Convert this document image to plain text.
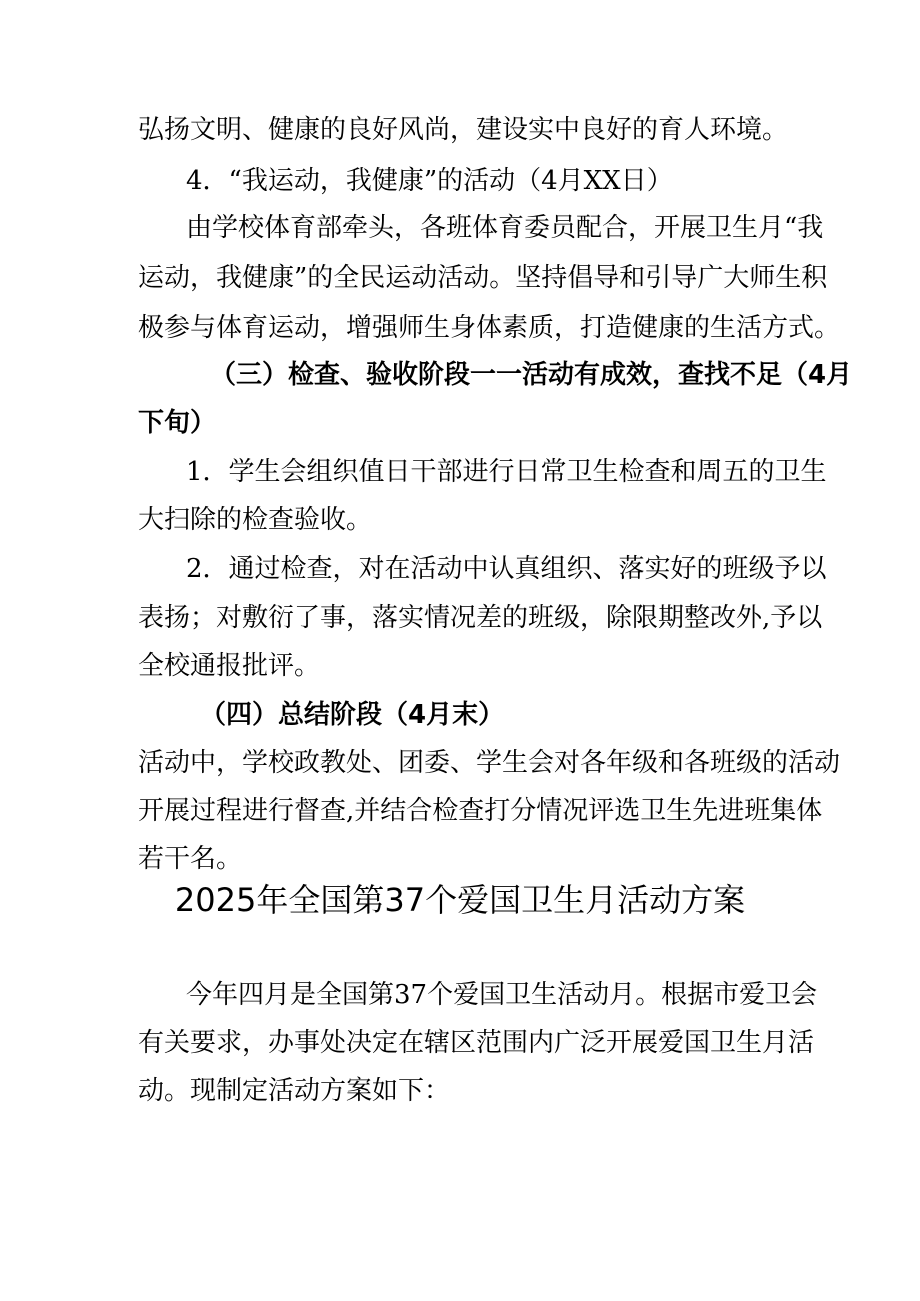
弘扬文明、健康的良好风尚，建设实中良好的育人环境。
4．“我运动，我健康”的活动（4月XX日）
由学校体育部牵头，各班体育委员配合，开展卫生月“我
运动，我健康”的全民运动活动。坚持倡导和引导广大师生积
极参与体育运动，增强师生身体素质，打造健康的生活方式。
（三）检查、验收阶段一一活动有成效，查找不足（4月
下旬）
1．学生会组织值日干部进行日常卫生检查和周五的卫生
大扫除的检查验收。
2．通过检查，对在活动中认真组织、落实好的班级予以
表扬；对敷衍了事，落实情况差的班级，除限期整改外,予以
全校通报批评。
（四）总结阶段（4月末）
活动中，学校政教处、团委、学生会对各年级和各班级的活动
开展过程进行督查,并结合检查打分情况评选卫生先进班集体
若干名。
2025年全国第37个爱国卫生月活动方案
今年四月是全国第37个爱国卫生活动月。根据市爱卫会
有关要求，办事处决定在辖区范围内广泛开展爱国卫生月活
动。现制定活动方案如下：
